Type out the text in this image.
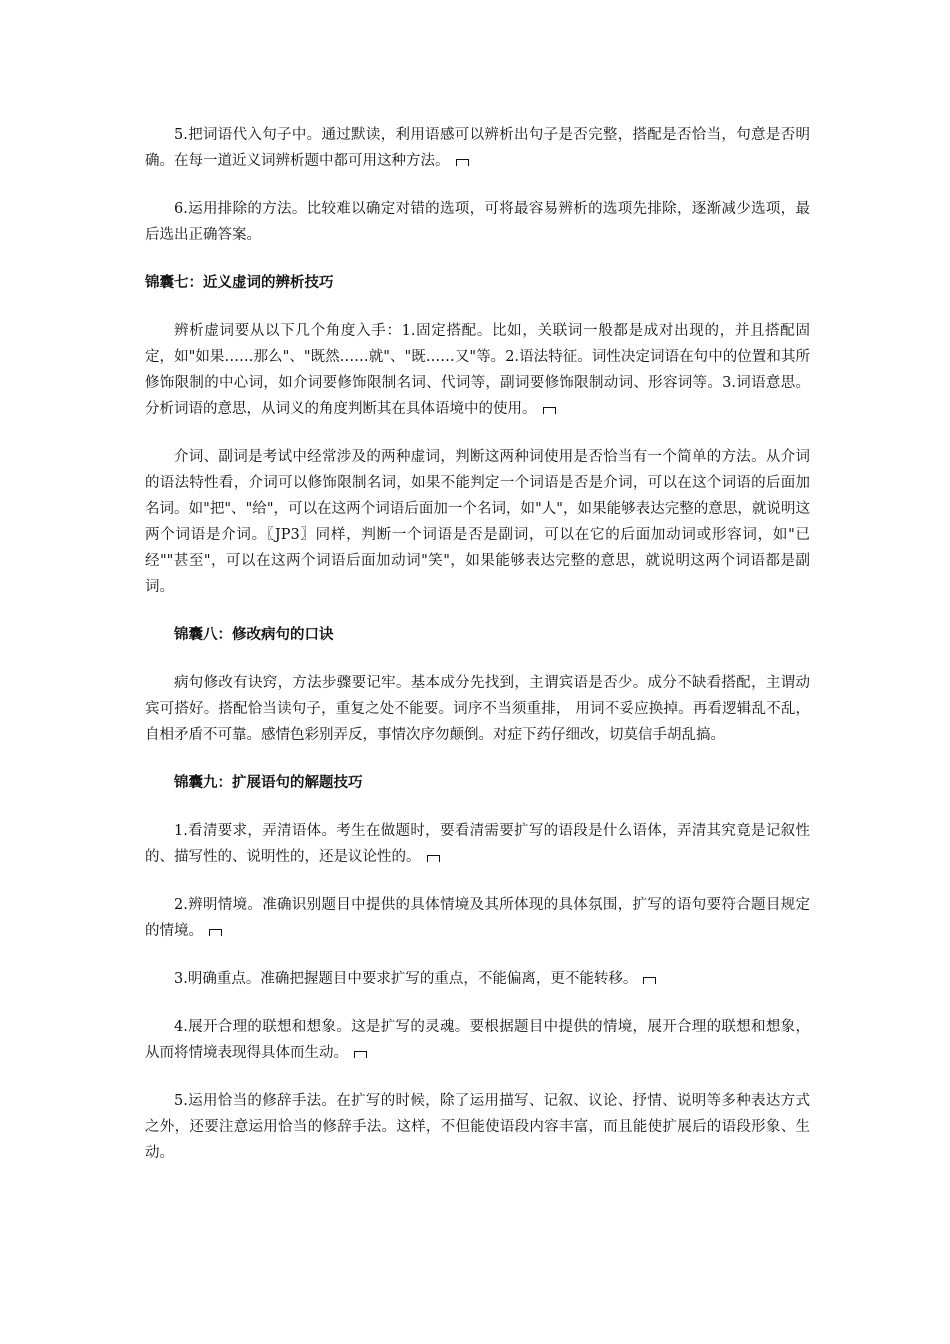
5.把词语代入句子中。通过默读，利用语感可以辨析出句子是否完整，搭配是否恰当，句意是否明确。在每一道近义词辨析题中都可用这种方法。

6.运用排除的方法。比较难以确定对错的选项，可将最容易辨析的选项先排除，逐渐减少选项，最后选出正确答案。

锦囊七：近义虚词的辨析技巧

辨析虚词要从以下几个角度入手：1.固定搭配。比如，关联词一般都是成对出现的，并且搭配固定，如"如果……那么"、"既然……就"、"既……又"等。2.语法特征。词性决定词语在句中的位置和其所修饰限制的中心词，如介词要修饰限制名词、代词等，副词要修饰限制动词、形容词等。3.词语意思。分析词语的意思，从词义的角度判断其在具体语境中的使用。

介词、副词是考试中经常涉及的两种虚词，判断这两种词使用是否恰当有一个简单的方法。从介词的语法特性看，介词可以修饰限制名词，如果不能判定一个词语是否是介词，可以在这个词语的后面加名词。如"把"、"给"，可以在这两个词语后面加一个名词，如"人"，如果能够表达完整的意思，就说明这两个词语是介词。〖JP3〗同样，判断一个词语是否是副词，可以在它的后面加动词或形容词，如"已经""甚至"，可以在这两个词语后面加动词"笑"，如果能够表达完整的意思，就说明这两个词语都是副词。

锦囊八：修改病句的口诀

病句修改有诀窍，方法步骤要记牢。基本成分先找到，主谓宾语是否少。成分不缺看搭配，主谓动宾可搭好。搭配恰当读句子，重复之处不能要。词序不当须重排， 用词不妥应换掉。再看逻辑乱不乱，自相矛盾不可靠。感情色彩别弄反，事情次序勿颠倒。对症下药仔细改，切莫信手胡乱搞。

锦囊九：扩展语句的解题技巧

1.看清要求，弄清语体。考生在做题时，要看清需要扩写的语段是什么语体，弄清其究竟是记叙性的、描写性的、说明性的，还是议论性的。

2.辨明情境。准确识别题目中提供的具体情境及其所体现的具体氛围，扩写的语句要符合题目规定的情境。

3.明确重点。准确把握题目中要求扩写的重点，不能偏离，更不能转移。

4.展开合理的联想和想象。这是扩写的灵魂。要根据题目中提供的情境，展开合理的联想和想象，从而将情境表现得具体而生动。

5.运用恰当的修辞手法。在扩写的时候，除了运用描写、记叙、议论、抒情、说明等多种表达方式之外，还要注意运用恰当的修辞手法。这样，不但能使语段内容丰富，而且能使扩展后的语段形象、生动。
